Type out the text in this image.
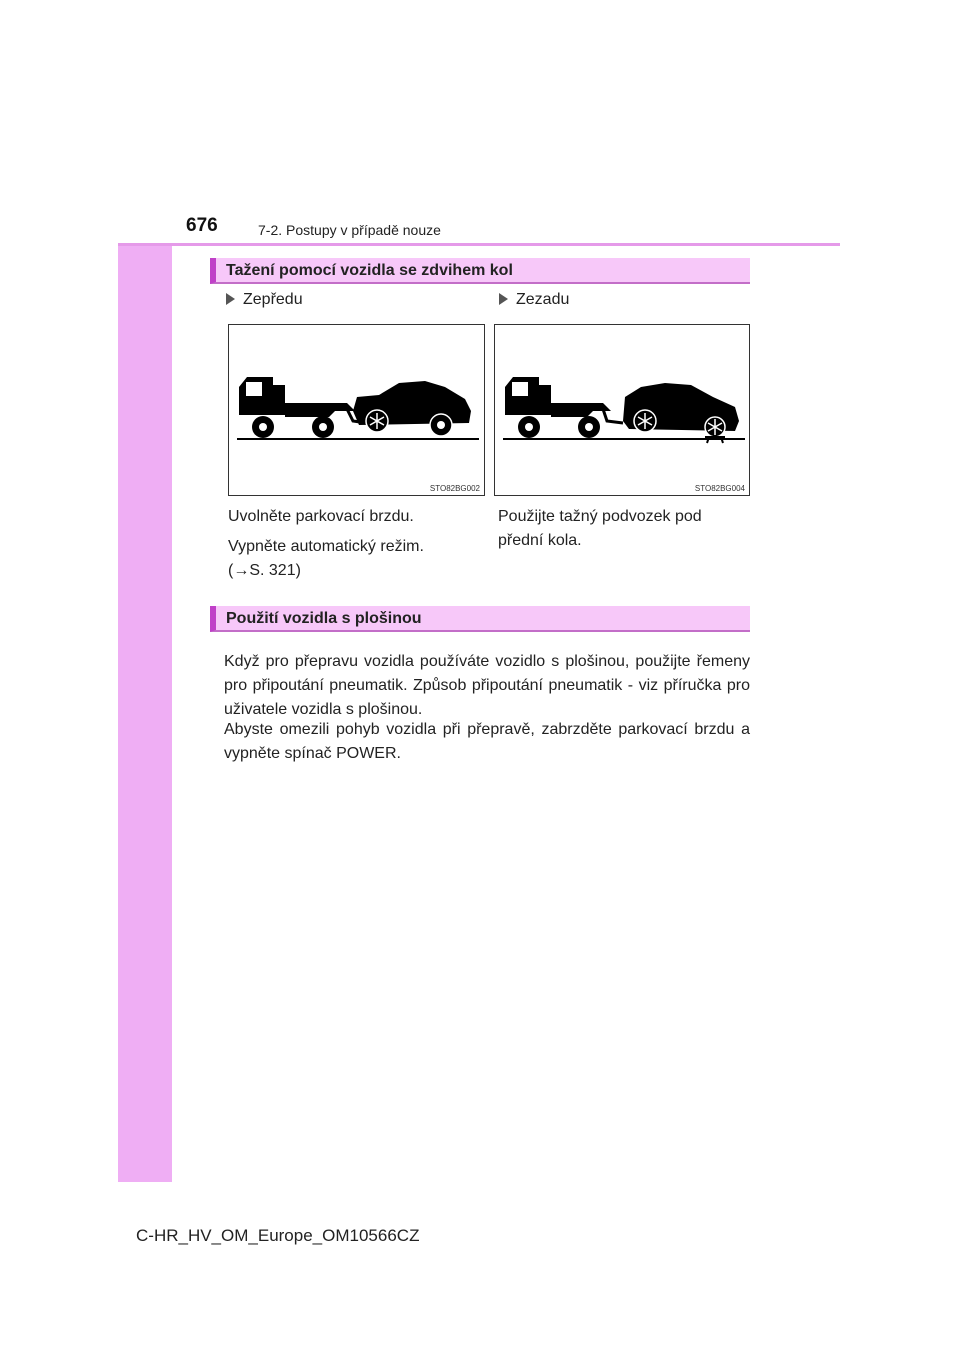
676	7-2. Postupy v případě nouze
Tažení pomocí vozidla se zdvihem kol
Zepředu	Zezadu
STO82BG002	STO82BG004
Uvolněte parkovací brzdu.
Vypněte automatický režim.
(→S. 321)
Použijte tažný podvozek pod přední kola.
Použití vozidla s plošinou
Když pro přepravu vozidla používáte vozidlo s plošinou, použijte řemeny pro připoutání pneumatik. Způsob připoutání pneumatik - viz příručka pro uživatele vozidla s plošinou.
Abyste omezili pohyb vozidla při přepravě, zabrzděte parkovací brzdu a vypněte spínač POWER.
C-HR_HV_OM_Europe_OM10566CZ
